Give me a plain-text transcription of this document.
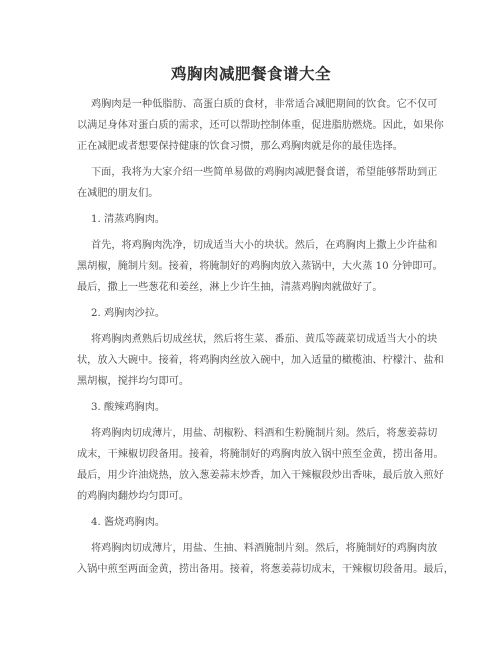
鸡胸肉减肥餐食谱大全

鸡胸肉是一种低脂肪、高蛋白质的食材，非常适合减肥期间的饮食。它不仅可

以满足身体对蛋白质的需求，还可以帮助控制体重，促进脂肪燃烧。因此，如果你

正在减肥或者想要保持健康的饮食习惯，那么鸡胸肉就是你的最佳选择。

下面，我将为大家介绍一些简单易做的鸡胸肉减肥餐食谱，希望能够帮助到正

在减肥的朋友们。

1. 清蒸鸡胸肉。

首先，将鸡胸肉洗净，切成适当大小的块状。然后，在鸡胸肉上撒上少许盐和

黑胡椒，腌制片刻。接着，将腌制好的鸡胸肉放入蒸锅中，大火蒸 10 分钟即可。

最后，撒上一些葱花和姜丝，淋上少许生抽，清蒸鸡胸肉就做好了。

2. 鸡胸肉沙拉。

将鸡胸肉煮熟后切成丝状，然后将生菜、番茄、黄瓜等蔬菜切成适当大小的块

状，放入大碗中。接着，将鸡胸肉丝放入碗中，加入适量的橄榄油、柠檬汁、盐和

黑胡椒，搅拌均匀即可。

3. 酸辣鸡胸肉。

将鸡胸肉切成薄片，用盐、胡椒粉、料酒和生粉腌制片刻。然后，将葱姜蒜切

成末，干辣椒切段备用。接着，将腌制好的鸡胸肉放入锅中煎至金黄，捞出备用。

最后，用少许油烧热，放入葱姜蒜末炒香，加入干辣椒段炒出香味，最后放入煎好

的鸡胸肉翻炒均匀即可。

4. 酱烧鸡胸肉。

将鸡胸肉切成薄片，用盐、生抽、料酒腌制片刻。然后，将腌制好的鸡胸肉放

入锅中煎至两面金黄，捞出备用。接着，将葱姜蒜切成末，干辣椒切段备用。最后，
